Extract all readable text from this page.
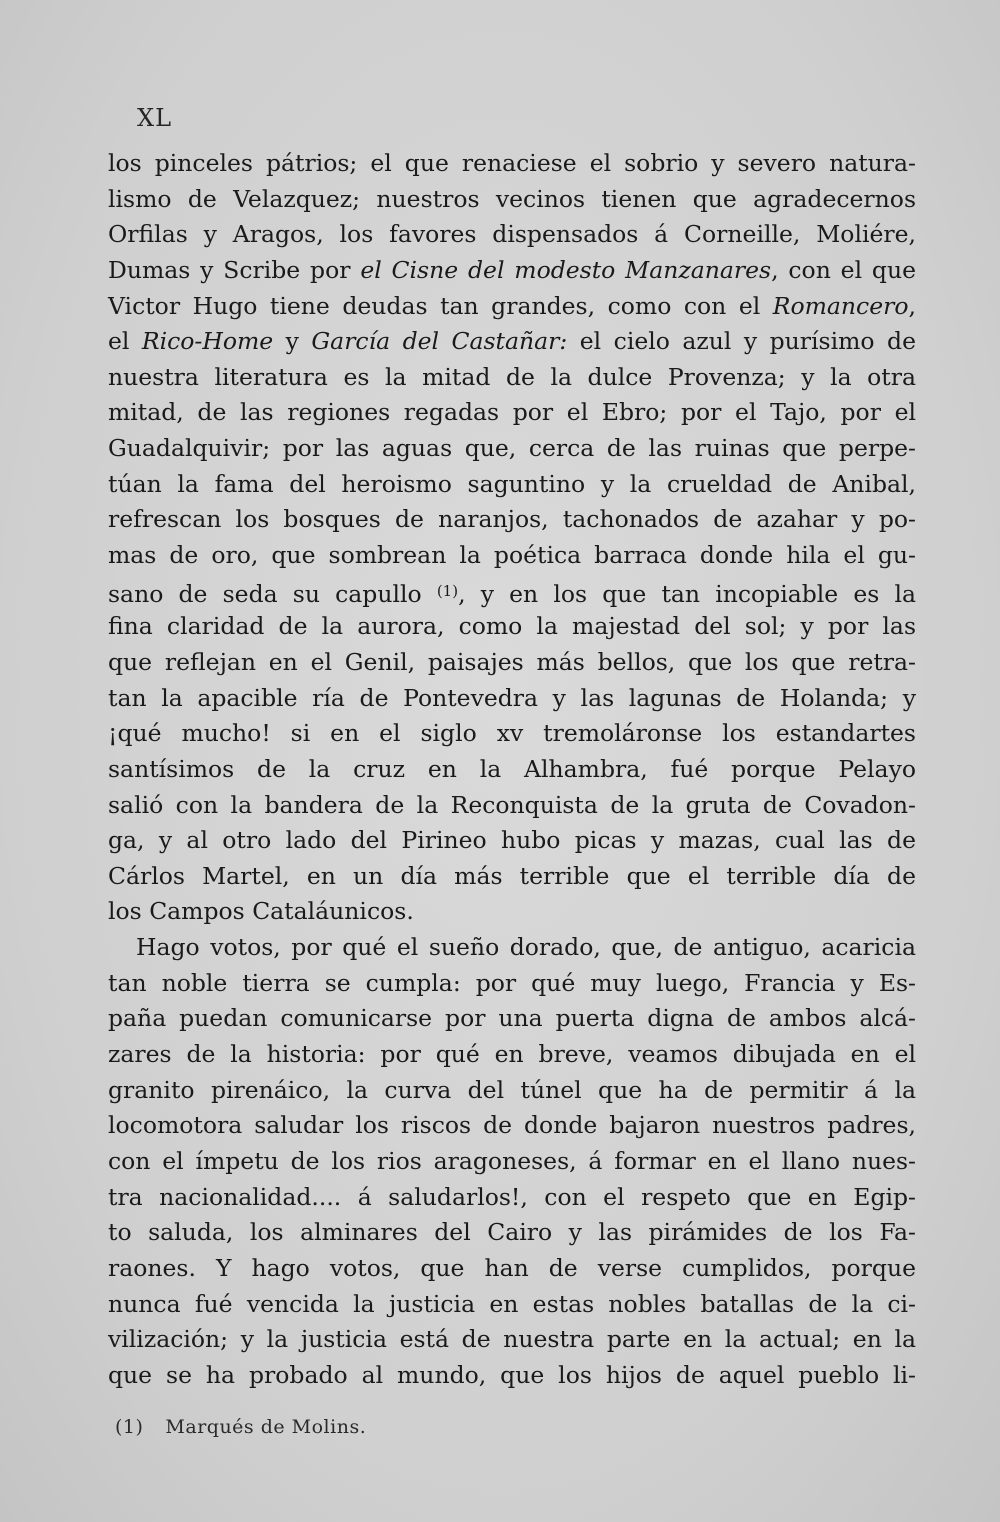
XL
los pinceles pátrios; el que renaciese el sobrio y severo natura-
lismo de Velazquez; nuestros vecinos tienen que agradecernos
Orfilas y Aragos, los favores dispensados á Corneille, Moliére,
Dumas y Scribe por el Cisne del modesto Manzanares, con el que
Victor Hugo tiene deudas tan grandes, como con el Romancero,
el Rico-Home y García del Castañar: el cielo azul y purísimo de
nuestra literatura es la mitad de la dulce Provenza; y la otra
mitad, de las regiones regadas por el Ebro; por el Tajo, por el
Guadalquivir; por las aguas que, cerca de las ruinas que perpe-
túan la fama del heroismo saguntino y la crueldad de Anibal,
refrescan los bosques de naranjos, tachonados de azahar y po-
mas de oro, que sombrean la poética barraca donde hila el gu-
sano de seda su capullo $^{(1)}$, y en los que tan incopiable es la
fina claridad de la aurora, como la majestad del sol; y por las
que reflejan en el Genil, paisajes más bellos, que los que retra-
tan la apacible ría de Pontevedra y las lagunas de Holanda; y
¡qué mucho! si en el siglo xv tremoláronse los estandartes
santísimos de la cruz en la Alhambra, fué porque Pelayo
salió con la bandera de la Reconquista de la gruta de Covadon-
ga, y al otro lado del Pirineo hubo picas y mazas, cual las de
Cárlos Martel, en un día más terrible que el terrible día de
los Campos Cataláunicos.
Hago votos, por qué el sueño dorado, que, de antiguo, acaricia
tan noble tierra se cumpla: por qué muy luego, Francia y Es-
paña puedan comunicarse por una puerta digna de ambos alcá-
zares de la historia: por qué en breve, veamos dibujada en el
granito pirenáico, la curva del túnel que ha de permitir á la
locomotora saludar los riscos de donde bajaron nuestros padres,
con el ímpetu de los rios aragoneses, á formar en el llano nues-
tra nacionalidad.... á saludarlos!, con el respeto que en Egip-
to saluda, los alminares del Cairo y las pirámides de los Fa-
raones. Y hago votos, que han de verse cumplidos, porque
nunca fué vencida la justicia en estas nobles batallas de la ci-
vilización; y la justicia está de nuestra parte en la actual; en la
que se ha probado al mundo, que los hijos de aquel pueblo li-
(1) Marqués de Molins.
